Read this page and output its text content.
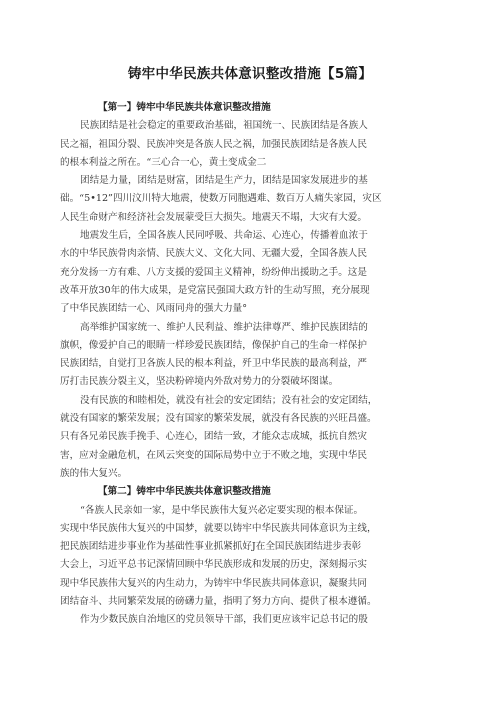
铸牢中华民族共体意识整改措施【5篇】
【第一】铸牢中华民族共体意识整改措施
民族团结是社会稳定的重要政治基础，祖国统一、民族团结是各族人
民之福，祖国分裂、民族冲突是各族人民之祸，加强民族团结是各族人民
的根本利益之所在。“三心合一心，黄土变成金二
团结是力量，团结是财富，团结是生产力，团结是国家发展进步的基
础。“5•12”四川汶川特大地震，使数万同胞遇难、数百万人痛失家园，灾区
人民生命财产和经济社会发展蒙受巨大损失。地震天不塌，大灾有大爱。
地震发生后，全国各族人民同呼吸、共命运、心连心，传播着血浓于
水的中华民族骨肉亲情、民族大义、文化大同、无疆大爱，全国各族人民
充分发扬一方有难、八方支援的爱国主义精神，纷纷伸出援助之手。这是
改革开放30年的伟大成果，是党富民强国大政方针的生动写照，充分展现
了中华民族团结一心、风雨同舟的强大力量°
高举维护国家统一、维护人民利益、维护法律尊严、维护民族团结的
旗帜，像爱护自己的眼睛一样珍爱民族团结，像保护自己的生命一样保护
民族团结，自觉打卫各族人民的根本利益，歼卫中华民族的最高利益，严
厉打击民族分裂主义，坚决粉碎境内外敌对势力的分裂破坏图谋。
没有民族的和睦相处，就没有社会的安定团结；没有社会的安定团结，
就没有国家的繁荣发展；没有国家的繁荣发展，就没有各民族的兴旺昌盛。
只有各兄弟民族手挽手、心连心，团结一致，才能众志成城，抵抗自然灾
害，应对金融危机，在风云突变的国际局势中立于不败之地，实现中华民
族的伟大复兴。
【第二】铸牢中华民族共体意识整改措施
“各族人民亲如一家，是中华民族伟大复兴必定要实现的根本保证。
实现中华民族伟大复兴的中国梦，就要以铸牢中华民族共同体意识为主线，
把民族团结进步事业作为基础性事业抓紧抓好J在全国民族团结进步表彰
大会上，习近平总书记深情回顾中华民族形成和发展的历史，深刻揭示实
现中华民族伟大复兴的内生动力，为铸牢中华民族共同体意识，凝聚共同
团结奋斗、共同繁荣发展的磅礴力量，指明了努力方向、提供了根本遵循。
作为少数民族自治地区的党员领导干部，我们更应该牢记总书记的殷
